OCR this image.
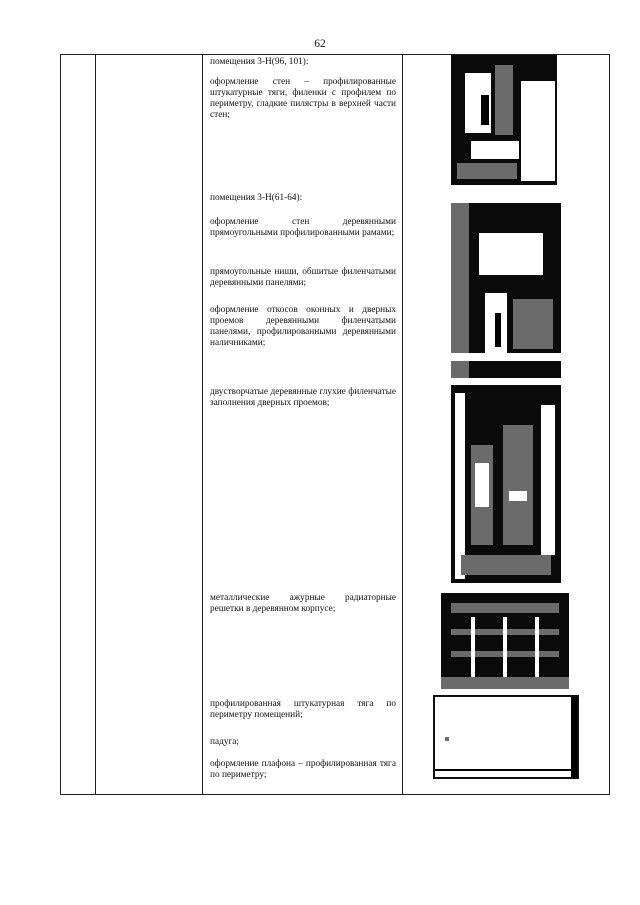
62
помещения 3-Н(96, 101):
оформление стен – профилированные штукатурные тяги, филенки с профилем по периметру, гладкие пилястры в верхней части стен;
помещения 3-Н(61-64):
оформление стен деревянными прямоугольными профилированными рамами;
прямоугольные ниши, обшитые филенчатыми деревянными панелями;
оформление откосов оконных и дверных проемов деревянными филенчатыми панелями, профилированными деревянными наличниками;
двустворчатые деревянные глухие филенчатые заполнения дверных проемов;
металлические ажурные радиаторные решетки в деревянном корпусе;
профилированная штукатурная тяга по периметру помещений;
падуга;
оформление плафона – профилированная тяга по периметру;
